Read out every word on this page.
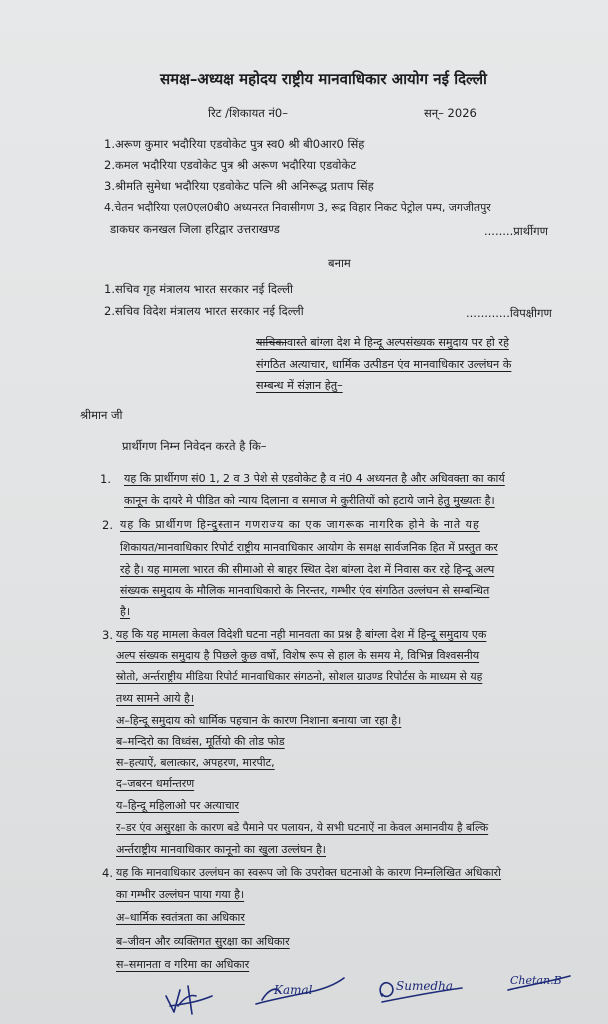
समक्ष–अध्यक्ष महोदय राष्ट्रीय मानवाधिकार आयोग नई दिल्ली
रिट /शिकायत नं0–	सन्– 2026
1.अरूण कुमार भदौरिया एडवोकेट पुत्र स्व0 श्री बी0आर0 सिंह
2.कमल भदौरिया एडवोकेट पुत्र श्री अरूण भदौरिया एडवोकेट
3.श्रीमति सुमेधा भदौरिया एडवोकेट पत्नि श्री अनिरूद्ध प्रताप सिंह
4.चेतन भदौरिया एल0एल0बी0 अध्यनरत निवासीगण 3, रूद्र विहार निकट पेट्रोल पम्प, जगजीतपुर
डाकघर कनखल जिला हरिद्वार उत्तराखण्ड	........प्रार्थीगण
बनाम
1.सचिव गृह मंत्रालय भारत सरकार नई दिल्ली
2.सचिव विदेश मंत्रालय भारत सरकार नई दिल्ली	............विपक्षीगण
याचिकावास्ते बांग्ला देश मे हिन्दू अल्पसंख्यक समुदाय पर हो रहे
संगठित अत्याचार, धार्मिक उत्पीडन एंव मानवाधिकार उल्लंघन के
सम्बन्ध में संज्ञान हेतु–
श्रीमान जी
प्रार्थीगण निम्न निवेदन करते है कि–
1. यह कि प्रार्थीगण सं0 1, 2 व 3 पेशे से एडवोकेट है व नं0 4 अध्यनत है और अधिवक्ता का कार्य
कानून के दायरे मे पीडित को न्याय दिलाना व समाज मे कुरीतियों को हटाये जाने हेतु मुख्यतः है।
2. यह कि प्रार्थीगण हिन्दुस्तान गणराज्य का एक जागरूक नागरिक होने के नाते यह
शिकायत/मानवाधिकार रिपोर्ट राष्ट्रीय मानवाधिकार आयोग के समक्ष सार्वजनिक हित में प्रस्तुत कर
रहे है। यह मामला भारत की सीमाओ से बाहर स्थित देश बांग्ला देश में निवास कर रहे हिन्दू अल्प
संख्यक समुदाय के मौलिक मानवाधिकारो के निरन्तर, गम्भीर एंव संगठित उल्लंघन से सम्बन्धित
है।
3. यह कि यह मामला केवल विदेशी घटना नही मानवता का प्रश्न है बांग्ला देश में हिन्दू समुदाय एक
अल्प संख्यक समुदाय है पिछले कुछ वर्षो, विशेष रूप से हाल के समय मे, विभिन्न विश्वसनीय
स्रोतो, अर्न्तराष्ट्रीय मीडिया रिपोर्ट मानवाधिकार संगठनो, सोशल ग्राउण्ड रिपोर्टस के माध्यम से यह
तथ्य सामने आये है।
अ–हिन्दू समुदाय को धार्मिक पहचान के कारण निशाना बनाया जा रहा है।
ब–मन्दिरो का विध्वंस, मूर्तियो की तोड फोड
स–हत्याऐं, बलात्कार, अपहरण, मारपीट,
द–जबरन धर्मान्तरण
य–हिन्दू महिलाओ पर अत्याचार
र–डर एंव असुरक्षा के कारण बडे पैमाने पर पलायन, ये सभी घटनाऐं ना केवल अमानवीय है बल्कि
अर्न्तराष्ट्रीय मानवाधिकार कानूनो का खुला उल्लंघन है।
4. यह कि मानवाधिकार उल्लंघन का स्वरूप जो कि उपरोक्त घटनाओ के कारण निम्नलिखित अधिकारो
का गम्भीर उल्लंघन पाया गया है।
अ–धार्मिक स्वतंत्रता का अधिकार
ब–जीवन और व्यक्तिगत सुरक्षा का अधिकार
स–समानता व गरिमा का अधिकार
Kamal	Sumedha	Chetan.B
